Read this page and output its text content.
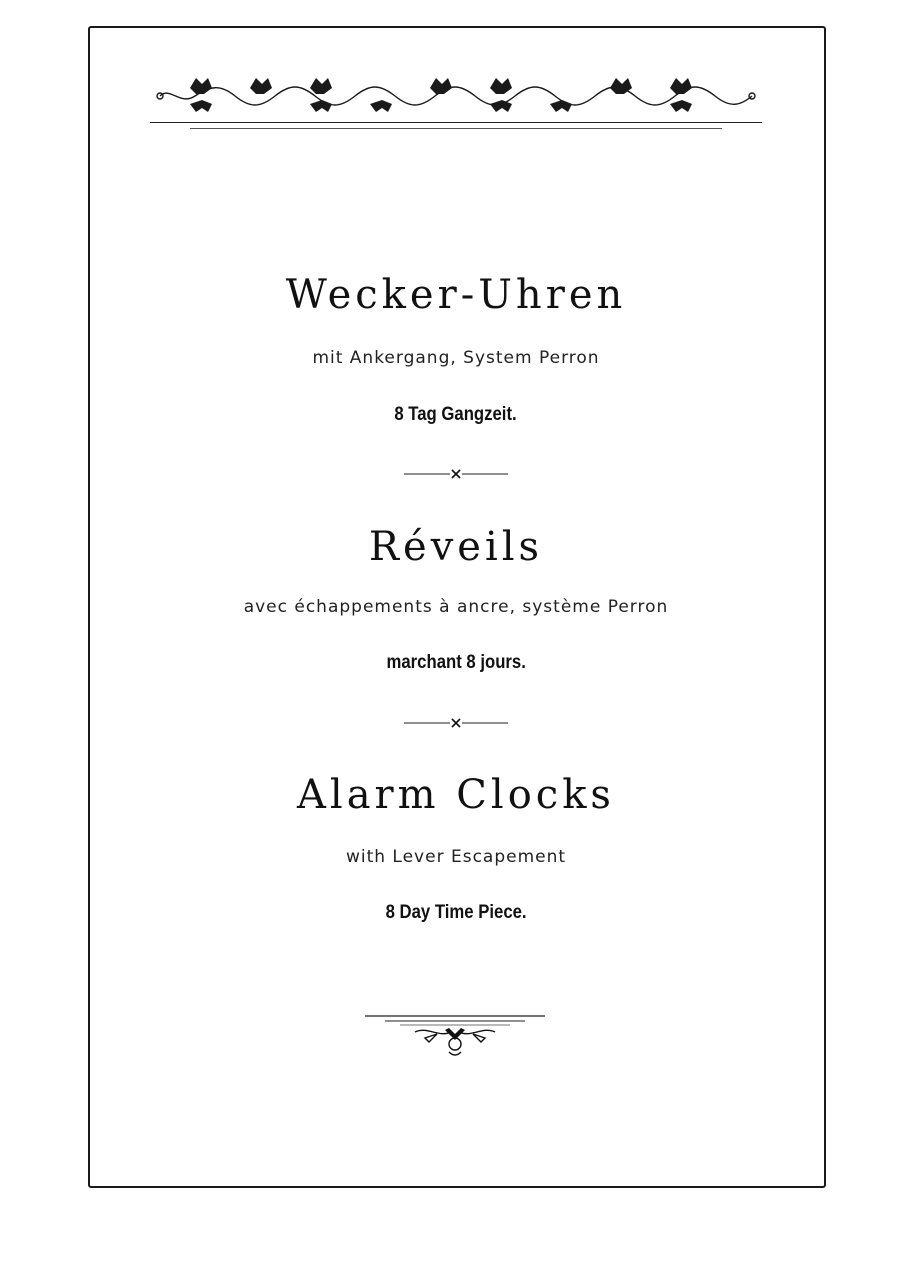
Wecker-Uhren
mit Ankergang, System Perron
8 Tag Gangzeit.
Réveils
avec échappements à ancre, système Perron
marchant 8 jours.
Alarm Clocks
with Lever Escapement
8 Day Time Piece.
